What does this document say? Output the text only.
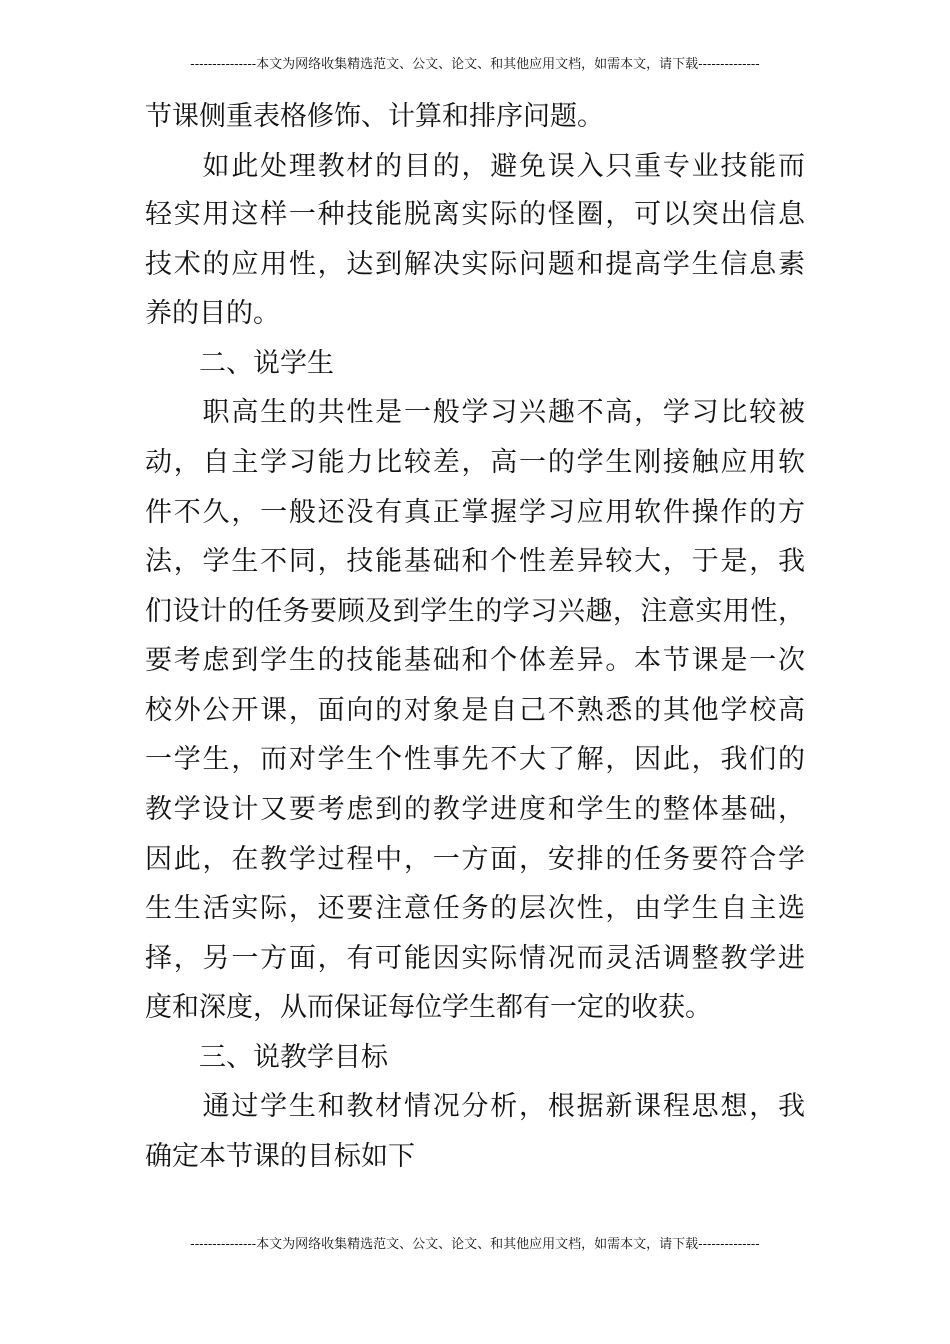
---------------本文为网络收集精选范文、公文、论文、和其他应用文档，如需本文，请下载--------------
节课侧重表格修饰、计算和排序问题。
　　如此处理教材的目的，避免误入只重专业技能而
轻实用这样一种技能脱离实际的怪圈，可以突出信息
技术的应用性，达到解决实际问题和提高学生信息素
养的目的。
　　二、说学生
　　职高生的共性是一般学习兴趣不高，学习比较被
动，自主学习能力比较差，高一的学生刚接触应用软
件不久，一般还没有真正掌握学习应用软件操作的方
法，学生不同，技能基础和个性差异较大，于是，我
们设计的任务要顾及到学生的学习兴趣，注意实用性，
要考虑到学生的技能基础和个体差异。本节课是一次
校外公开课，面向的对象是自己不熟悉的其他学校高
一学生，而对学生个性事先不大了解，因此，我们的
教学设计又要考虑到的教学进度和学生的整体基础，
因此，在教学过程中，一方面，安排的任务要符合学
生生活实际，还要注意任务的层次性，由学生自主选
择，另一方面，有可能因实际情况而灵活调整教学进
度和深度，从而保证每位学生都有一定的收获。
　　三、说教学目标
　　通过学生和教材情况分析，根据新课程思想，我
确定本节课的目标如下
---------------本文为网络收集精选范文、公文、论文、和其他应用文档，如需本文，请下载--------------
